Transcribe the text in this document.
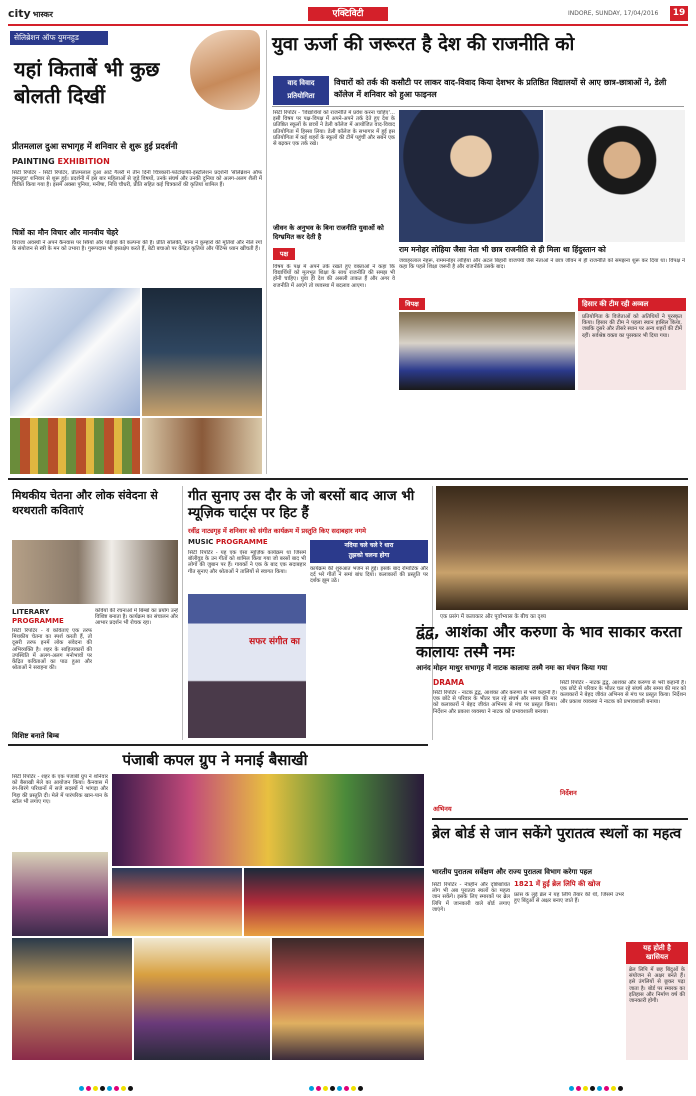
city भास्कर	एक्टिविटी	INDORE, SUNDAY, 17/04/2016	19
सेलिब्रेशन ऑफ युमनहुड
यहां किताबें भी कुछ बोलती दिखीं
प्रीतमलाल दुआ सभागृह में शनिवार से शुरू हुई प्रदर्शनी
PAINTING EXHIBITION
सिटी रिपोर्टर - सिटी रिपोर्टर, प्रीतमलाल दुआ आर्ट गैलरी में तीन दिनी चित्रकारी-फोटोग्राफी-इंस्टॉलेशन प्रदर्शनी 'सेलिब्रेशन ऑफ वुमनहुड' शनिवार से शुरू हुई। प्रदर्शनी में इस बार महिलाओं से जुड़े विषयों, उनके संघर्ष और उनकी दुनिया को अलग-अलग शैली में चित्रित किया गया है। इसमें अक्सा पुनिया, मनीषा, निधि चौधरी, प्रीति सहित कई चित्रकारों की कृतियां शामिल हैं।
चित्रों का मौन विचार और मानवीय चेहरे
विराजा अवस्थी ने अपने कैनवास पर स्त्रियों और पक्षियों की कल्पना की है। प्रीति सोलंकी, माना ने कुम्हारों की मूर्तियों और नीले रंगों के संयोजन से स्त्री के मन को उभारा है। गुरूपदास भी हस्तक्षेप करते हैं, बेटी बचाओ पर केंद्रित कृतियां और पेंटिंग्स ध्यान खींचती हैं।
युवा ऊर्जा की जरूरत है देश की राजनीति को
वाद विवाद
प्रतियोगिता
विचारों को तर्क की कसौटी पर लाकर वाद-विवाद किया देशभर के प्रतिष्ठित विद्यालयों से आए छात्र-छात्राओं ने, डेली कॉलेज में शनिवार को हुआ फाइनल
सिटी रिपोर्टर - 'विद्यार्थियों को राजनीति में प्रवेश करना चाहिए'... इसी विषय पर पक्ष-विपक्ष में अपने-अपने तर्क देते हुए देश के प्रतिष्ठित स्कूलों के छात्रों ने डेली कॉलेज में आयोजित वाद-विवाद प्रतियोगिता में हिस्सा लिया। डेली कॉलेज के सभागार में हुई इस प्रतियोगिता में कई शहरों के स्कूलों की टीमें पहुंचीं और सबने एक से बढ़कर एक तर्क रखे।
जीवन के अनुभव के बिना राजनीति युवाओं को दिग्भ्रमित कर देती है
पक्ष
विषय के पक्ष में अपने तर्क रखते हुए वक्ताओं ने कहा कि विद्यार्थियों को मूलभूत शिक्षा के साथ राजनीति की समझ भी होनी चाहिए। युवा ही देश की असली ताकत हैं और अगर वे राजनीति में आएंगे तो व्यवस्था में बदलाव आएगा।
राम मनोहर लोहिया जैसा नेता भी छात्र राजनीति से ही मिला था हिंदुस्तान को
जवाहरलाल नेहरू, राममनोहर लोहिया और अटल बिहारी वाजपेयी जैसे नेताओं ने छात्र जीवन में ही राजनीति को समझना शुरू कर दिया था। विपक्ष ने कहा कि पहले शिक्षा जरूरी है और राजनीति उसके बाद।
विपक्ष	हिसार की टीम रही अव्वल
प्रतियोगिता के विजेताओं को अतिथियों ने पुरस्कृत किया। हिसार की टीम ने पहला स्थान हासिल किया, जबकि दूसरे और तीसरे स्थान पर अन्य शहरों की टीमें रहीं। सर्वश्रेष्ठ वक्ता का पुरस्कार भी दिया गया।
मिथकीय चेतना और लोक संवेदना से थरथराती कविताएं
LITERARY
PROGRAMME
सिटी रिपोर्टर - ये कविताएं एक तरफ मिथकीय चेतना का स्पर्श करती हैं, तो दूसरी तरफ इनमें लोक संवेदना की अभिव्यक्ति है। शहर के साहित्यकारों की उपस्थिति में अलग-अलग मनोभावों पर केंद्रित कविताओं का पाठ हुआ और श्रोताओं ने सराहना की।
विशिष्ट बनाते बिम्ब
कवियों की रचनाओं में बिम्बों का प्रयोग उन्हें विशिष्ट बनाता है। कार्यक्रम का संचालन और आभार प्रदर्शन भी रोचक रहा।
गीत सुनाए उस दौर के जो बरसों बाद आज भी म्यूज़िक चार्ट्स पर हिट हैं
रवींद्र नाट्यगृह में शनिवार को संगीत कार्यक्रम में प्रस्तुति किए सदाबहार नगमे
MUSIC PROGRAMME
सिटी रिपोर्टर - यह एक ऐसा म्यूज़िक कार्यक्रम था जिसमें बॉलीवुड के उन गीतों को शामिल किया गया जो बरसों बाद भी लोगों की जुबान पर हैं। गायकों ने एक के बाद एक सदाबहार गीत सुनाए और श्रोताओं ने तालियों से स्वागत किया।
नदिया चले चले रे धारा
तुझको चलना होगा
कार्यक्रम की शुरुआत भजन से हुई। इसके बाद रोमांटिक और दर्द भरे गीतों ने समां बांध दिया। कलाकारों की प्रस्तुति पर दर्शक झूम उठे।
सफर संगीत का
एक प्रसंग में कलाकार और पूर्वाभ्यास के बीच का दृश्य
द्वंद्व, आशंका और करुणा के भाव साकार करता कालायः तस्मै नमः
आनंद मोहन माथुर सभागृह में नाटक कालायः तस्मै नमः का मंचन किया गया
DRAMA
सिटी रिपोर्टर - नाटक द्वंद्व, आशंका और करुणा से भरी कहानी है। एक छोटे से परिवार के भीतर चल रहे संघर्ष और समय की मार को कलाकारों ने बेहद जीवंत अभिनय से मंच पर प्रस्तुत किया। निर्देशन और प्रकाश व्यवस्था ने नाटक को प्रभावशाली बनाया।
अभिनय
सिटी रिपोर्टर - नाटक द्वंद्व, आशंका और करुणा से भरी कहानी है। एक छोटे से परिवार के भीतर चल रहे संघर्ष और समय की मार को कलाकारों ने बेहद जीवंत अभिनय से मंच पर प्रस्तुत किया। निर्देशन और प्रकाश व्यवस्था ने नाटक को प्रभावशाली बनाया।
निर्देशन
पंजाबी कपल ग्रुप ने मनाई बैसाखी
सिटी रिपोर्टर - शहर के एक पंजाबी ग्रुप ने शनिवार को बैसाखी मेले का आयोजन किया। कैनवास में रंग-बिरंगे परिधानों में सजे सदस्यों ने भांगड़ा और गिद्दा की प्रस्तुति दी। मेले में पारंपरिक खान-पान के स्टॉल भी लगाए गए।
ब्रेल बोर्ड से जान सकेंगे पुरातत्व स्थलों का महत्व
भारतीय पुरातत्व सर्वेक्षण और राज्य पुरातत्व विभाग करेगा पहल
सिटी रिपोर्टर - नेत्रहीन और दृष्टिबाधित लोग भी अब पुरातत्व स्थलों का महत्व जान सकेंगे। इसके लिए स्मारकों पर ब्रेल लिपि में जानकारी वाले बोर्ड लगाए जाएंगे।
1821 में हुई ब्रेल लिपि की खोज
फ्रांस के लुई ब्रेल ने यह लिपि तैयार की थी, जिसमें उभरे हुए बिंदुओं से अक्षर बनाए जाते हैं।
यह होती है
खासियत
ब्रेल लिपि में छह बिंदुओं के संयोजन से अक्षर बनते हैं। इसे उंगलियों से छूकर पढ़ा जाता है। बोर्ड पर स्मारक का इतिहास और निर्माण वर्ष की जानकारी होगी।
